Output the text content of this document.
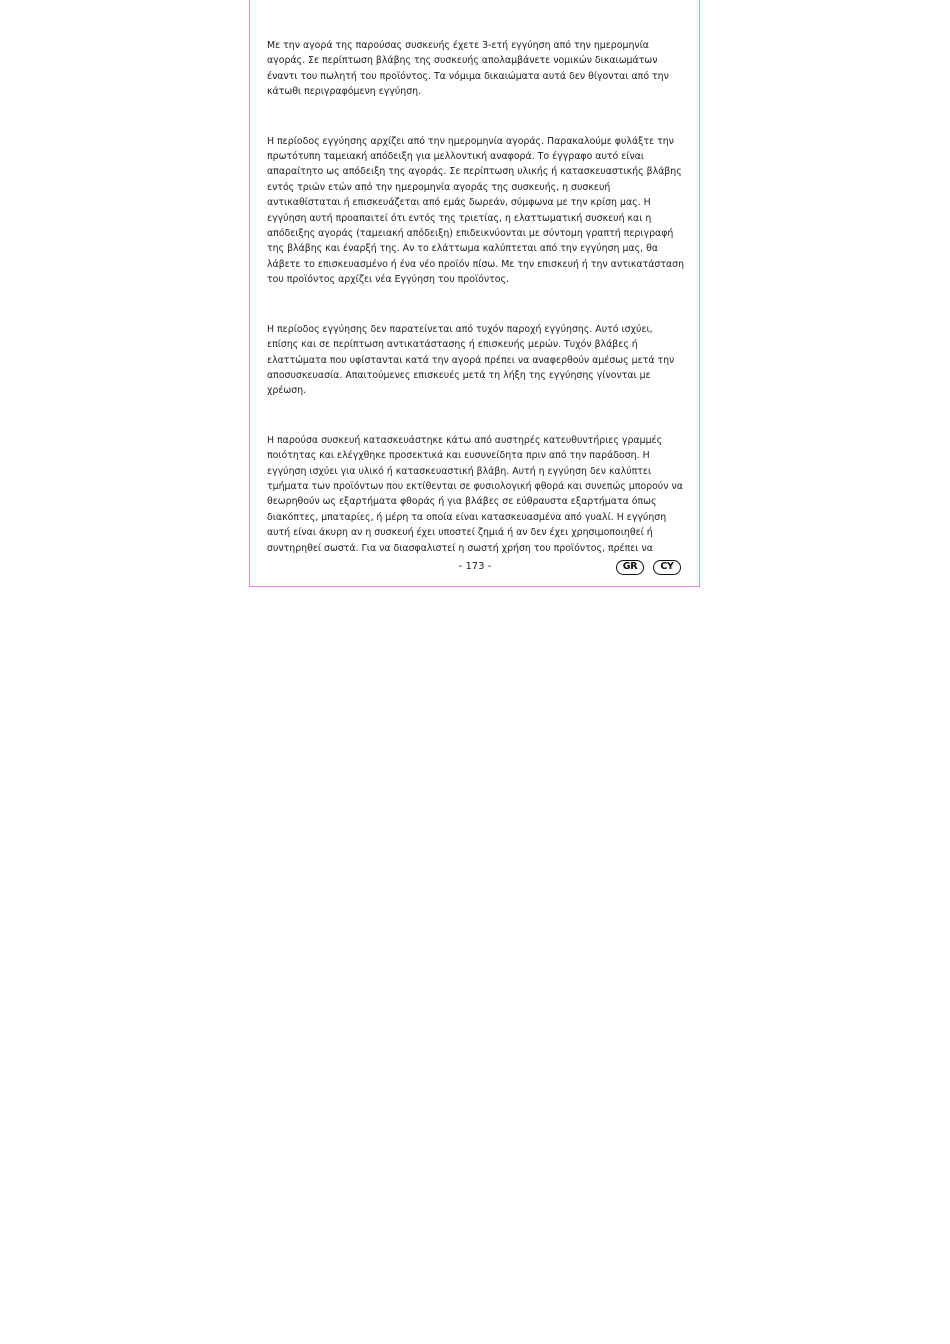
Με την αγορά της παρούσας συσκευής έχετε 3-ετή εγγύηση από την ημερομηνία αγοράς. Σε περίπτωση βλάβης της συσκευής απολαμβάνετε νομικών δικαιωμάτων έναντι του πωλητή του προϊόντος. Τα νόμιμα δικαιώματα αυτά δεν θίγονται από την κάτωθι περιγραφόμενη εγγύηση.

Η περίοδος εγγύησης αρχίζει από την ημερομηνία αγοράς. Παρακαλούμε φυλάξτε την πρωτότυπη ταμειακή απόδειξη για μελλοντική αναφορά. Το έγγραφο αυτό είναι απαραίτητο ως απόδειξη της αγοράς. Σε περίπτωση υλικής ή κατασκευαστικής βλάβης εντός τριών ετών από την ημερομηνία αγοράς της συσκευής, η συσκευή αντικαθίσταται ή επισκευάζεται από εμάς δωρεάν, σύμφωνα με την κρίση μας. Η εγγύηση αυτή προαπαιτεί ότι εντός της τριετίας, η ελαττωματική συσκευή και η απόδειξης αγοράς (ταμειακή απόδειξη) επιδεικνύονται με σύντομη γραπτή περιγραφή της βλάβης και έναρξή της. Αν το ελάττωμα καλύπτεται από την εγγύηση μας, θα λάβετε το επισκευασμένο ή ένα νέο προϊόν πίσω. Με την επισκευή ή την αντικατάσταση του προϊόντος αρχίζει νέα Εγγύηση του προϊόντος.

Η περίοδος εγγύησης δεν παρατείνεται από τυχόν παροχή εγγύησης. Αυτό ισχύει, επίσης και σε περίπτωση αντικατάστασης ή επισκευής μερών. Τυχόν βλάβες ή ελαττώματα που υφίστανται κατά την αγορά πρέπει να αναφερθούν αμέσως μετά την αποσυσκευασία. Απαιτούμενες επισκευές μετά τη λήξη της εγγύησης γίνονται με χρέωση.

Η παρούσα συσκευή κατασκευάστηκε κάτω από αυστηρές κατευθυντήριες γραμμές ποιότητας και ελέγχθηκε προσεκτικά και ευσυνείδητα πριν από την παράδοση. Η εγγύηση ισχύει για υλικό ή κατασκευαστική βλάβη. Αυτή η εγγύηση δεν καλύπτει τμήματα των προϊόντων που εκτίθενται σε φυσιολογική φθορά και συνεπώς μπορούν να θεωρηθούν ως εξαρτήματα φθοράς ή για βλάβες σε εύθραυστα εξαρτήματα όπως διακόπτες, μπαταρίες, ή μέρη τα οποία είναι κατασκευασμένα από γυαλί. Η εγγύηση αυτή είναι άκυρη αν η συσκευή έχει υποστεί ζημιά ή αν δεν έχει χρησιμοποιηθεί ή συντηρηθεί σωστά. Για να διασφαλιστεί η σωστή χρήση του προϊόντος, πρέπει να

- 173 -	GR	CY
